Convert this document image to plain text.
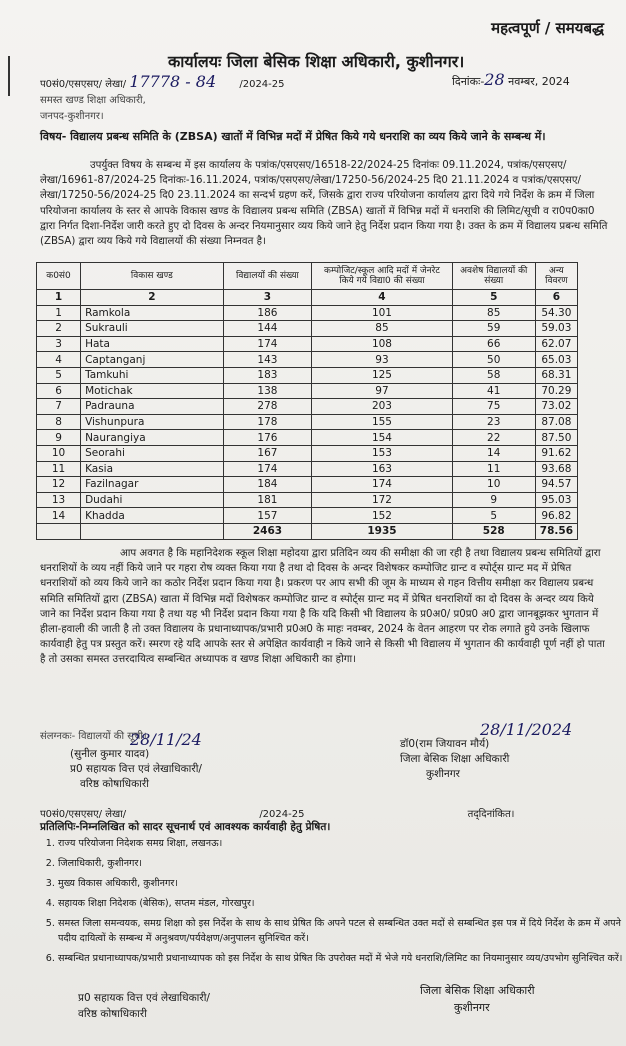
महत्वपूर्ण / समयबद्ध
कार्यालयः जिला बेसिक शिक्षा अधिकारी, कुशीनगर।
प0सं0/एसएसए/ लेखा/ 17778 - 84 /2024-25	दिनांकः-28 नवम्बर, 2024
समस्त खण्ड शिक्षा अधिकारी,
जनपद-कुशीनगर।
विषय- विद्यालय प्रबन्ध समिति के (ZBSA) खातों में विभिन्न मदों में प्रेषित किये गये धनराशि का व्यय किये जाने के सम्बन्ध में।
उपर्युक्त विषय के सम्बन्ध में इस कार्यालय के पत्रांक/एसएसए/16518-22/2024-25 दिनांकः 09.11.2024, पत्रांक/एसएसए/लेखा/16961-87/2024-25 दिनांकः-16.11.2024, पत्रांक/एसएसए/लेखा/17250-56/2024-25 दि0 21.11.2024 व पत्रांक/एसएसए/लेखा/17250-56/2024-25 दि0 23.11.2024 का सन्दर्भ ग्रहण करें, जिसके द्वारा राज्य परियोजना कार्यालय द्वारा दिये गये निर्देश के क्रम में जिला परियोजना कार्यालय के स्तर से आपके विकास खण्ड के विद्यालय प्रबन्ध समिति (ZBSA) खातों में विभिन्न मदों में धनराशि की लिमिट/सूची व रा0प0का0 द्वारा निर्गत दिशा-निर्देश जारी करते हुए दो दिवस के अन्दर नियमानुसार व्यय किये जाने हेतु निर्देश प्रदान किया गया है। उक्त के क्रम में विद्यालय प्रबन्ध समिति (ZBSA) द्वारा व्यय किये गये विद्यालयों की संख्या निम्नवत है।
क0सं0	विकास खण्ड	विद्यालयों की संख्या	कम्पोजिट/स्कूल आदि मदों में जेनरेट किये गये विद्या0 की संख्या	अवशेष विद्यालयों की संख्या	अन्य विवरण
1	2	3	4	5	6
1	Ramkola	186	101	85	54.30
2	Sukrauli	144	85	59	59.03
3	Hata	174	108	66	62.07
4	Captanganj	143	93	50	65.03
5	Tamkuhi	183	125	58	68.31
6	Motichak	138	97	41	70.29
7	Padrauna	278	203	75	73.02
8	Vishunpura	178	155	23	87.08
9	Naurangiya	176	154	22	87.50
10	Seorahi	167	153	14	91.62
11	Kasia	174	163	11	93.68
12	Fazilnagar	184	174	10	94.57
13	Dudahi	181	172	9	95.03
14	Khadda	157	152	5	96.82
		2463	1935	528	78.56
आप अवगत है कि महानिदेशक स्कूल शिक्षा महोदया द्वारा प्रतिदिन व्यय की समीक्षा की जा रही है तथा विद्यालय प्रबन्ध समितियों द्वारा धनराशियों के व्यय नहीं किये जाने पर गहरा रोष व्यक्त किया गया है तथा दो दिवस के अन्दर विशेषकर कम्पोजिट ग्रान्ट व स्पोर्ट्स ग्रान्ट मद में प्रेषित धनराशियों को व्यय किये जाने का कठोर निर्देश प्रदान किया गया है। प्रकरण पर आप सभी की जूम के माध्यम से गहन वित्तीय समीक्षा कर विद्यालय प्रबन्ध समिति समितियों द्वारा (ZBSA) खाता में विभिन्न मदों विशेषकर कम्पोजिट ग्रान्ट व स्पोर्ट्स ग्रान्ट मद में प्रेषित धनराशियों का दो दिवस के अन्दर व्यय किये जाने का निर्देश प्रदान किया गया है तथा यह भी निर्देश प्रदान किया गया है कि यदि किसी भी विद्यालय के प्र0अ0/ प्र0प्र0 अ0 द्वारा जानबूझकर भुगतान में हीला-हवाली की जाती है तो उक्त विद्यालय के प्रधानाध्यापक/प्रभारी प्र0अ0 के माहः नवम्बर, 2024 के वेतन आहरण पर रोक लगाते हुये उनके खिलाफ कार्यवाही हेतु पत्र प्रस्तुत करें। स्मरण रहे यदि आपके स्तर से अपेक्षित कार्यवाही न किये जाने से किसी भी विद्यालय में भुगतान की कार्यवाही पूर्ण नहीं हो पाता है तो उसका समस्त उत्तरदायित्व सम्बन्धित अध्यापक व खण्ड शिक्षा अधिकारी का होगा।
संलग्नकः- विद्यालयों की सूची।
28/11/24
(सुनील कुमार यादव)
प्र0 सहायक वित्त एवं लेखाधिकारी/
वरिष्ठ कोषाधिकारी
28/11/2024
डॉ0(राम जियावन मौर्य)
जिला बेसिक शिक्षा अधिकारी
कुशीनगर
प0सं0/एसएसए/ लेखा/	/2024-25	तद्‌दिनांकित।
प्रतिलिपिः-निम्नलिखित को सादर सूचनार्थ एवं आवश्यक कार्यवाही हेतु प्रेषित।
1. राज्य परियोजना निदेशक समग्र शिक्षा, लखनऊ।
2. जिलाधिकारी, कुशीनगर।
3. मुख्य विकास अधिकारी, कुशीनगर।
4. सहायक शिक्षा निदेशक (बेसिक), सप्तम मंडल, गोरखपुर।
5. समस्त जिला समन्वयक, समग्र शिक्षा को इस निर्देश के साथ के साथ प्रेषित कि अपने पटल से सम्बन्धित उक्त मदों से सम्बन्धित इस पत्र में दिये निर्देश के क्रम में अपने पदीय दायित्वों के सम्बन्ध में अनुश्रवण/पर्यवेक्षण/अनुपालन सुनिश्चित करें।
6. सम्बन्धित प्रधानाध्यापक/प्रभारी प्रधानाध्यापक को इस निर्देश के साथ प्रेषित कि उपरोक्त मदों में भेजे गये धनराशि/लिमिट का नियमानुसार व्यय/उपभोग सुनिश्चित करें।
प्र0 सहायक वित्त एवं लेखाधिकारी/
वरिष्ठ कोषाधिकारी
जिला बेसिक शिक्षा अधिकारी
कुशीनगर
